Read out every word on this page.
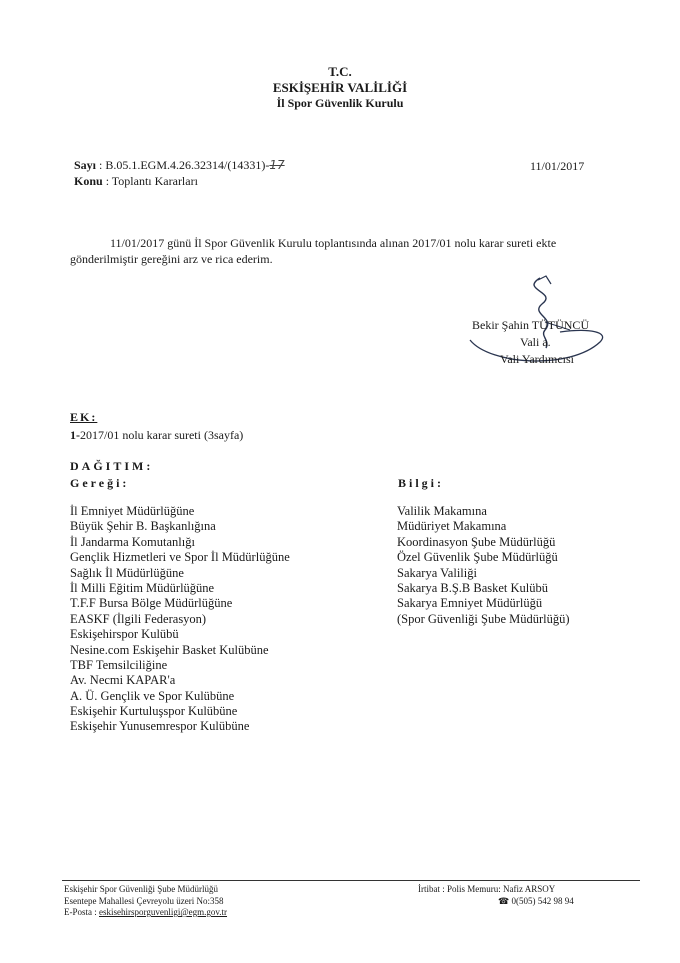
T.C.
ESKİŞEHİR VALİLİĞİ
İl Spor Güvenlik Kurulu
Sayı : B.05.1.EGM.4.26.32314/(14331)-17	11/01/2017
Konu : Toplantı Kararları
11/01/2017 günü İl Spor Güvenlik Kurulu toplantısında alınan 2017/01 nolu karar sureti ekte
gönderilmiştir gereğini arz ve rica ederim.
Bekir Şahin TÜTÜNCÜ
Vali a.
Vali Yardımcısı
EK:
1-2017/01 nolu karar sureti (3sayfa)
DAĞITIM:
Gereği:	Bilgi:
İl Emniyet Müdürlüğüne
Büyük Şehir B. Başkanlığına
İl Jandarma Komutanlığı
Gençlik Hizmetleri ve Spor İl Müdürlüğüne
Sağlık İl Müdürlüğüne
İl Milli Eğitim Müdürlüğüne
T.F.F Bursa Bölge Müdürlüğüne
EASKF (İlgili Federasyon)
Eskişehirspor Kulübü
Nesine.com Eskişehir Basket Kulübüne
TBF Temsilciliğine
Av. Necmi KAPAR'a
A. Ü. Gençlik ve Spor Kulübüne
Eskişehir Kurtuluşspor Kulübüne
Eskişehir Yunusemrespor Kulübüne
Valilik Makamına
Müdüriyet Makamına
Koordinasyon Şube Müdürlüğü
Özel Güvenlik Şube Müdürlüğü
Sakarya Valiliği
Sakarya B.Ş.B Basket Kulübü
Sakarya Emniyet Müdürlüğü
(Spor Güvenliği Şube Müdürlüğü)
Eskişehir Spor Güvenliği Şube Müdürlüğü
Esentepe Mahallesi Çevreyolu üzeri No:358
E-Posta : eskisehirsporguvenligi@egm.gov.tr
İrtibat : Polis Memuru: Nafiz ARSOY
☎ 0(505) 542 98 94
